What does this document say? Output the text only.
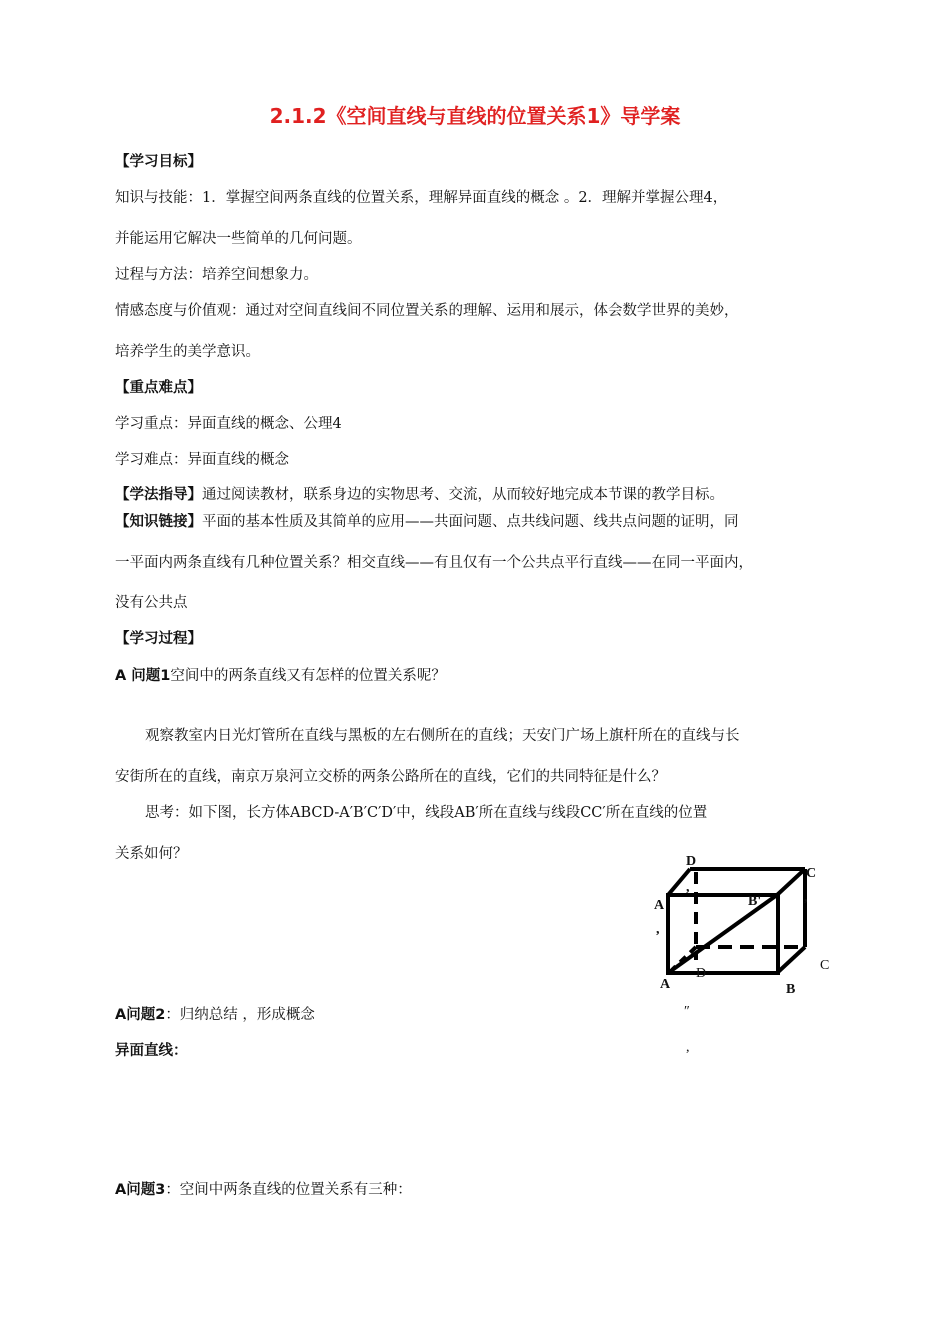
2.1.2《空间直线与直线的位置关系1》导学案
【学习目标】
知识与技能：1．掌握空间两条直线的位置关系，理解异面直线的概念 。2．理解并掌握公理4，
并能运用它解决一些简单的几何问题。
过程与方法：培养空间想象力。
情感态度与价值观：通过对空间直线间不同位置关系的理解、运用和展示，体会数学世界的美妙，
培养学生的美学意识。
【重点难点】
学习重点：异面直线的概念、公理4
学习难点：异面直线的概念
【学法指导】通过阅读教材，联系身边的实物思考、交流，从而较好地完成本节课的教学目标。
【知识链接】平面的基本性质及其简单的应用——共面问题、点共线问题、线共点问题的证明，同
一平面内两条直线有几种位置关系？相交直线——有且仅有一个公共点平行直线——在同一平面内，
没有公共点
【学习过程】
A 问题1空间中的两条直线又有怎样的位置关系呢？
观察教室内日光灯管所在直线与黑板的左右侧所在的直线；天安门广场上旗杆所在的直线与长
安街所在的直线，南京万泉河立交桥的两条公路所在的直线，它们的共同特征是什么？
思考：如下图，长方体ABCD-A′B′C′D′中，线段AB′所在直线与线段CC′所在直线的位置
关系如何？	D
C
A	B'
,
,
,
D
C
A	B
″
,
A问题2：归纳总结 ，形成概念
异面直线：
A问题3：空间中两条直线的位置关系有三种：
